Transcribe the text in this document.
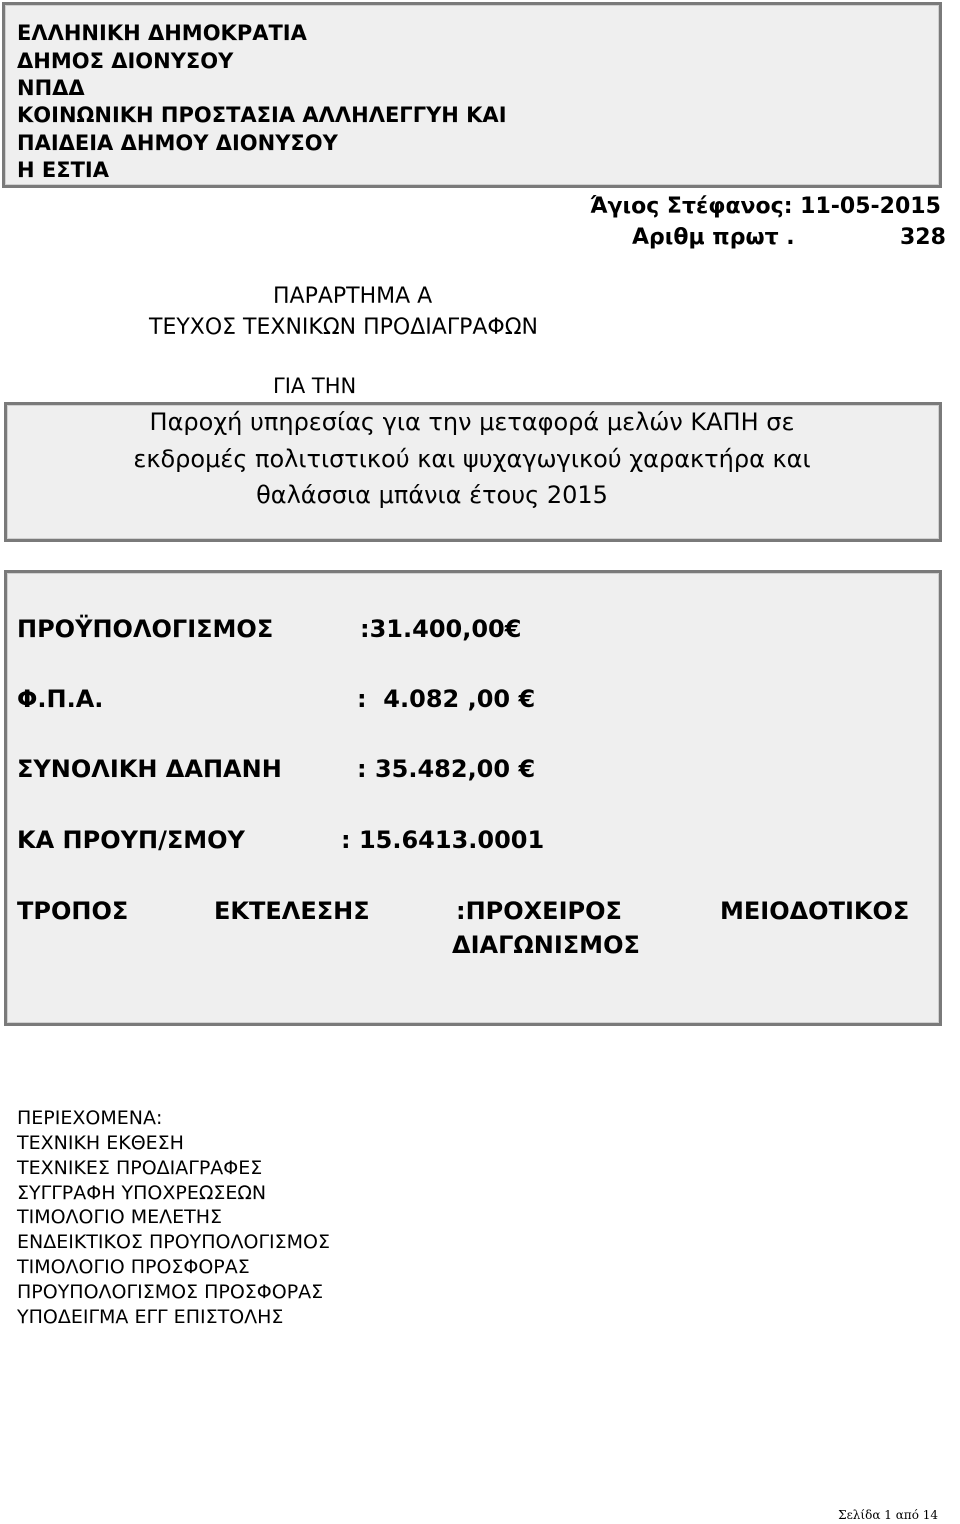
ΕΛΛΗΝΙΚΗ ΔΗΜΟΚΡΑΤΙΑ
ΔΗΜΟΣ ΔΙΟΝΥΣΟΥ
ΝΠΔΔ
ΚΟΙΝΩΝΙΚΗ ΠΡΟΣΤΑΣΙΑ ΑΛΛΗΛΕΓΓΥΗ ΚΑΙ
ΠΑΙΔΕΙΑ ΔΗΜΟΥ ΔΙΟΝΥΣΟΥ
Η ΕΣΤΙΑ
Άγιος Στέφανος: 11-05-2015
Αριθμ πρωτ .	328
ΠΑΡΑΡΤΗΜΑ Α
ΤΕΥΧΟΣ ΤΕΧΝΙΚΩΝ ΠΡΟΔΙΑΓΡΑΦΩΝ
ΓΙΑ ΤΗΝ
Παροχή υπηρεσίας για την μεταφορά μελών ΚΑΠΗ σε
εκδρομές πολιτιστικού και ψυχαγωγικού χαρακτήρα και
θαλάσσια μπάνια έτους 2015
ΠΡΟΫΠΟΛΟΓΙΣΜΟΣ	:31.400,00€
Φ.Π.Α.	:  4.082 ,00 €
ΣΥΝΟΛΙΚΗ ΔΑΠΑΝΗ	: 35.482,00 €
ΚΑ ΠΡΟΥΠ/ΣΜΟΥ	: 15.6413.0001
ΤΡΟΠΟΣ	ΕΚΤΕΛΕΣΗΣ	:ΠΡΟΧΕΙΡΟΣ	ΜΕΙΟΔΟΤΙΚΟΣ
ΔΙΑΓΩΝΙΣΜΟΣ
ΠΕΡΙΕΧΟΜΕΝΑ:
ΤΕΧΝΙΚΗ ΕΚΘΕΣΗ
ΤΕΧΝΙΚΕΣ ΠΡΟΔΙΑΓΡΑΦΕΣ
ΣΥΓΓΡΑΦΗ ΥΠΟΧΡΕΩΣΕΩΝ
ΤΙΜΟΛΟΓΙΟ ΜΕΛΕΤΗΣ
ΕΝΔΕΙΚΤΙΚΟΣ ΠΡΟΥΠΟΛΟΓΙΣΜΟΣ
ΤΙΜΟΛΟΓΙΟ ΠΡΟΣΦΟΡΑΣ
ΠΡΟΥΠΟΛΟΓΙΣΜΟΣ ΠΡΟΣΦΟΡΑΣ
ΥΠΟΔΕΙΓΜΑ ΕΓΓ ΕΠΙΣΤΟΛΗΣ
Σελίδα 1 από 14
